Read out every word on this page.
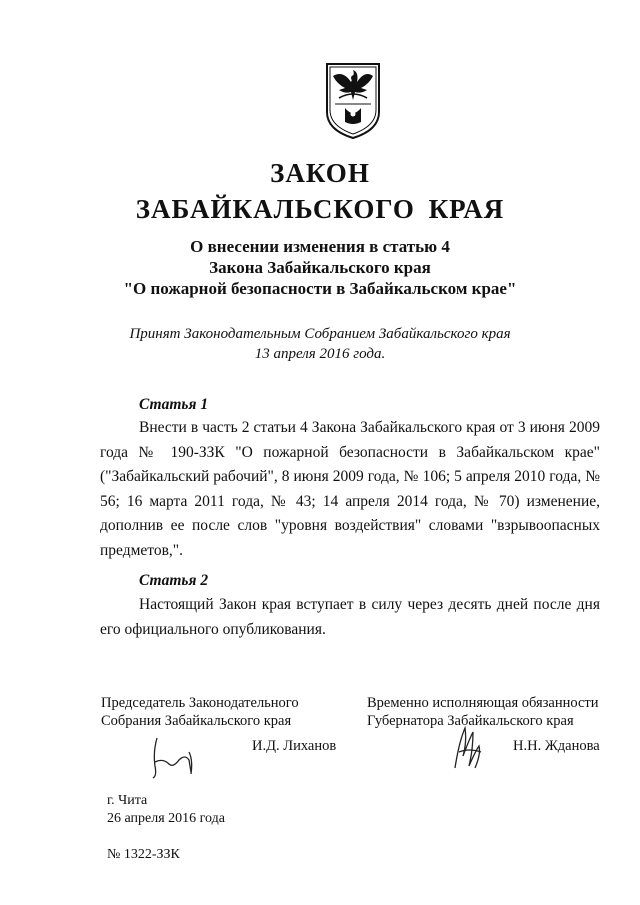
ЗАКОН
ЗАБАЙКАЛЬСКОГО КРАЯ
О внесении изменения в статью 4
Закона Забайкальского края
"О пожарной безопасности в Забайкальском крае"
Принят Законодательным Собранием Забайкальского края
13 апреля 2016 года.
Статья 1

Внести в часть 2 статьи 4 Закона Забайкальского края от 3 июня 2009 года № 190-ЗЗК "О пожарной безопасности в Забайкальском крае" ("Забайкальский рабочий", 8 июня 2009 года, № 106; 5 апреля 2010 года, № 56; 16 марта 2011 года, № 43; 14 апреля 2014 года, № 70) изменение, дополнив ее после слов "уровня воздействия" словами "взрывоопасных предметов,".

Статья 2

Настоящий Закон края вступает в силу через десять дней после дня его официального опубликования.

Председатель Законодательного
Собрания Забайкальского края
И.Д. Лиханов
Временно исполняющая обязанности
Губернатора Забайкальского края
Н.Н. Жданова
г. Чита
26 апреля 2016 года
№ 1322-ЗЗК
